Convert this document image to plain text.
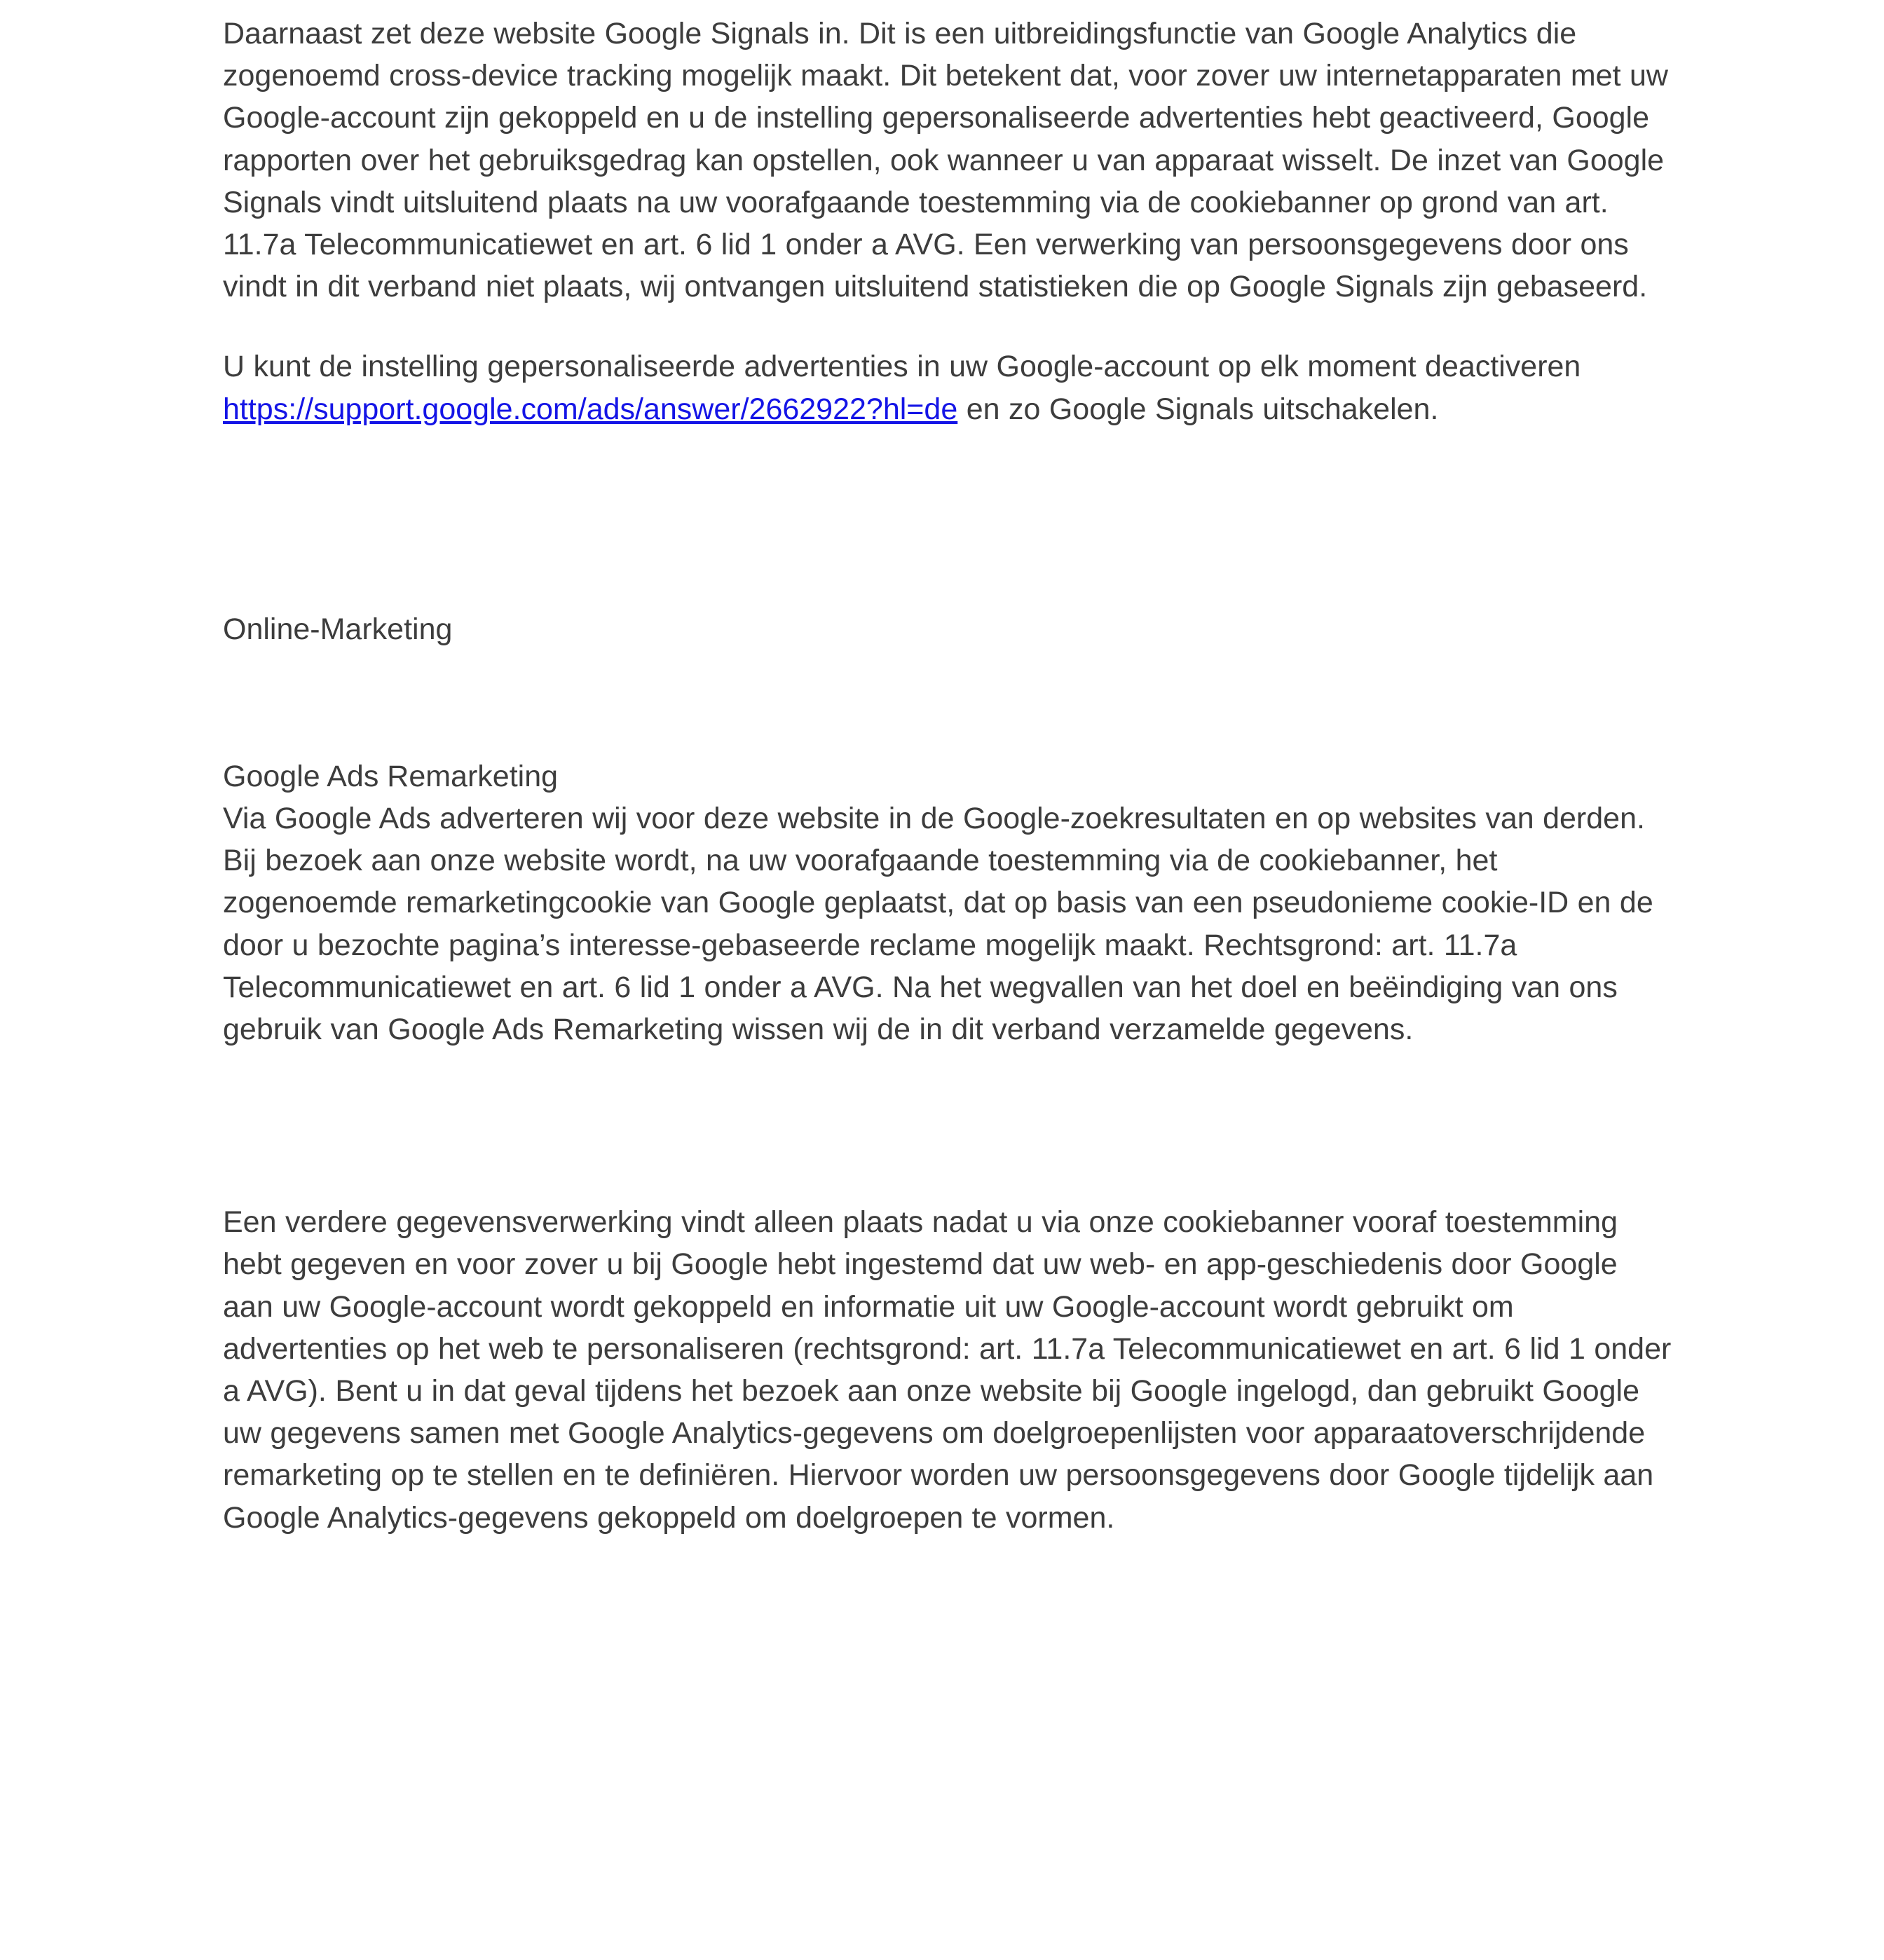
Daarnaast zet deze website Google Signals in. Dit is een uitbreidingsfunctie van Google Analytics die zogenoemd cross-device tracking mogelijk maakt. Dit betekent dat, voor zover uw internetapparaten met uw Google-account zijn gekoppeld en u de instelling gepersonaliseerde advertenties hebt geactiveerd, Google rapporten over het gebruiksgedrag kan opstellen, ook wanneer u van apparaat wisselt. De inzet van Google Signals vindt uitsluitend plaats na uw voorafgaande toestemming via de cookiebanner op grond van art. 11.7a Telecommunicatiewet en art. 6 lid 1 onder a AVG. Een verwerking van persoonsgegevens door ons vindt in dit verband niet plaats, wij ontvangen uitsluitend statistieken die op Google Signals zijn gebaseerd.

U kunt de instelling gepersonaliseerde advertenties in uw Google-account op elk moment deactiveren https://support.google.com/ads/answer/2662922?hl=de en zo Google Signals uitschakelen.

Online-Marketing

Google Ads Remarketing

Via Google Ads adverteren wij voor deze website in de Google-zoekresultaten en op websites van derden. Bij bezoek aan onze website wordt, na uw voorafgaande toestemming via de cookiebanner, het zogenoemde remarketingcookie van Google geplaatst, dat op basis van een pseudonieme cookie-ID en de door u bezochte pagina’s interesse-gebaseerde reclame mogelijk maakt. Rechtsgrond: art. 11.7a Telecommunicatiewet en art. 6 lid 1 onder a AVG. Na het wegvallen van het doel en beëindiging van ons gebruik van Google Ads Remarketing wissen wij de in dit verband verzamelde gegevens.

Een verdere gegevensverwerking vindt alleen plaats nadat u via onze cookiebanner vooraf toestemming hebt gegeven en voor zover u bij Google hebt ingestemd dat uw web- en app-geschiedenis door Google aan uw Google-account wordt gekoppeld en informatie uit uw Google-account wordt gebruikt om advertenties op het web te personaliseren (rechtsgrond: art. 11.7a Telecommunicatiewet en art. 6 lid 1 onder a AVG). Bent u in dat geval tijdens het bezoek aan onze website bij Google ingelogd, dan gebruikt Google uw gegevens samen met Google Analytics-gegevens om doelgroepenlijsten voor apparaatoverschrijdende remarketing op te stellen en te definiëren. Hiervoor worden uw persoonsgegevens door Google tijdelijk aan Google Analytics-gegevens gekoppeld om doelgroepen te vormen.
